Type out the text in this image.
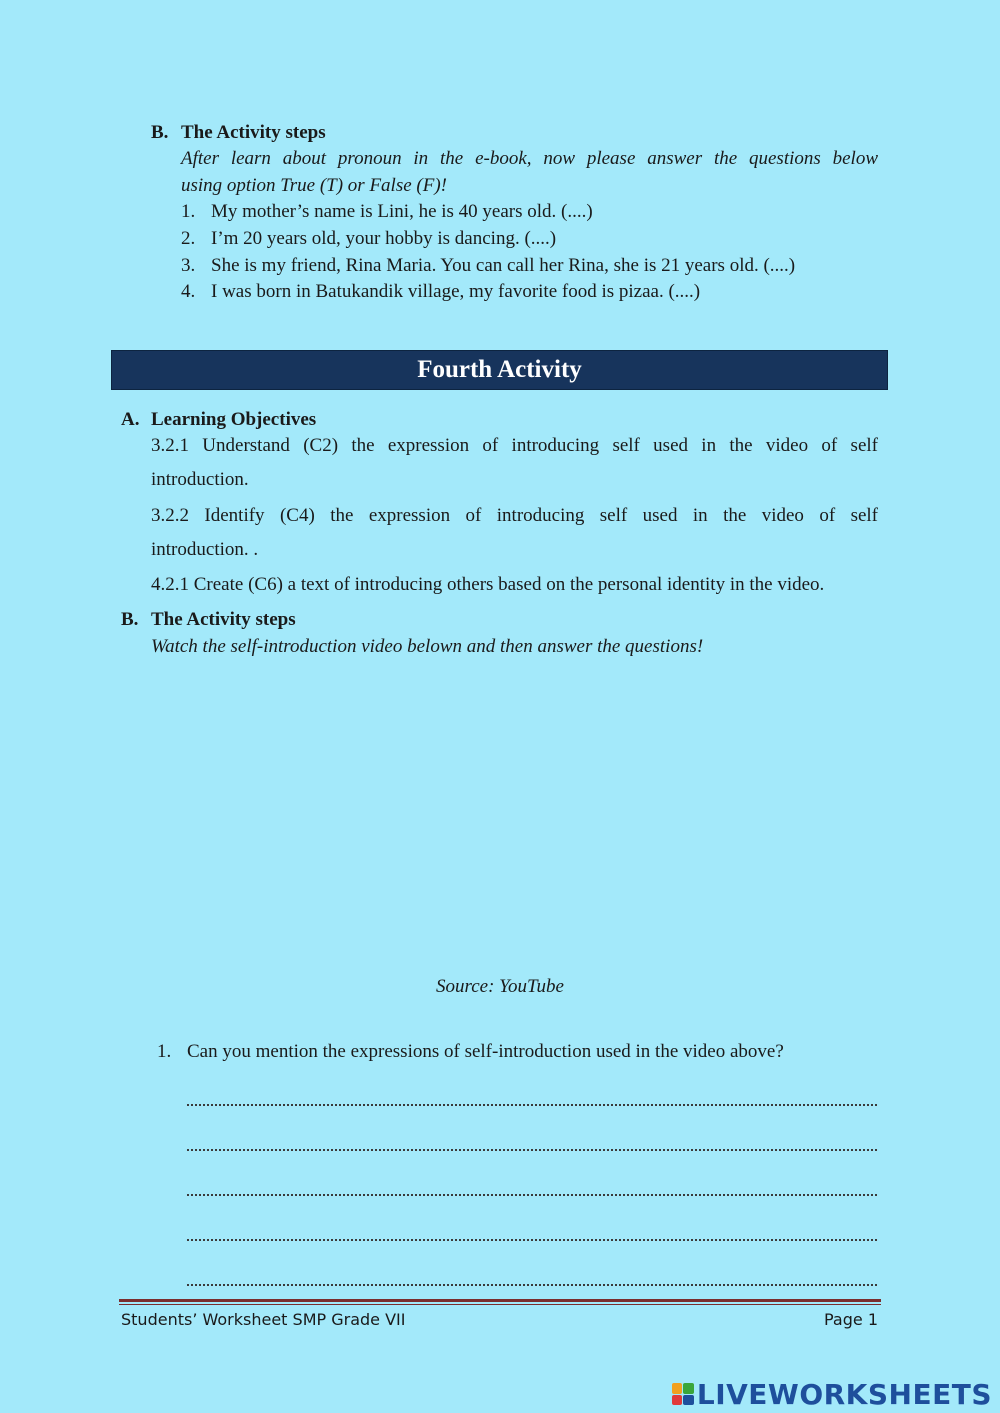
B. The Activity steps
After learn about pronoun in the e-book, now please answer the questions below
using option True (T) or False (F)!
1. My mother’s name is Lini, he is 40 years old. (....)
2. I’m 20 years old, your hobby is dancing. (....)
3. She is my friend, Rina Maria. You can call her Rina, she is 21 years old. (....)
4. I was born in Batukandik village, my favorite food is pizaa. (....)
Fourth Activity
A. Learning Objectives
3.2.1 Understand (C2) the expression of introducing self used in the video of self
introduction.
3.2.2 Identify (C4) the expression of introducing self used in the video of self
introduction. .
4.2.1 Create (C6) a text of introducing others based on the personal identity in the video.
B. The Activity steps
Watch the self-introduction video belown and then answer the questions!
Source: YouTube
1. Can you mention the expressions of self-introduction used in the video above?
Students’ Worksheet SMP Grade VII	Page 1
LIVEWORKSHEETS
